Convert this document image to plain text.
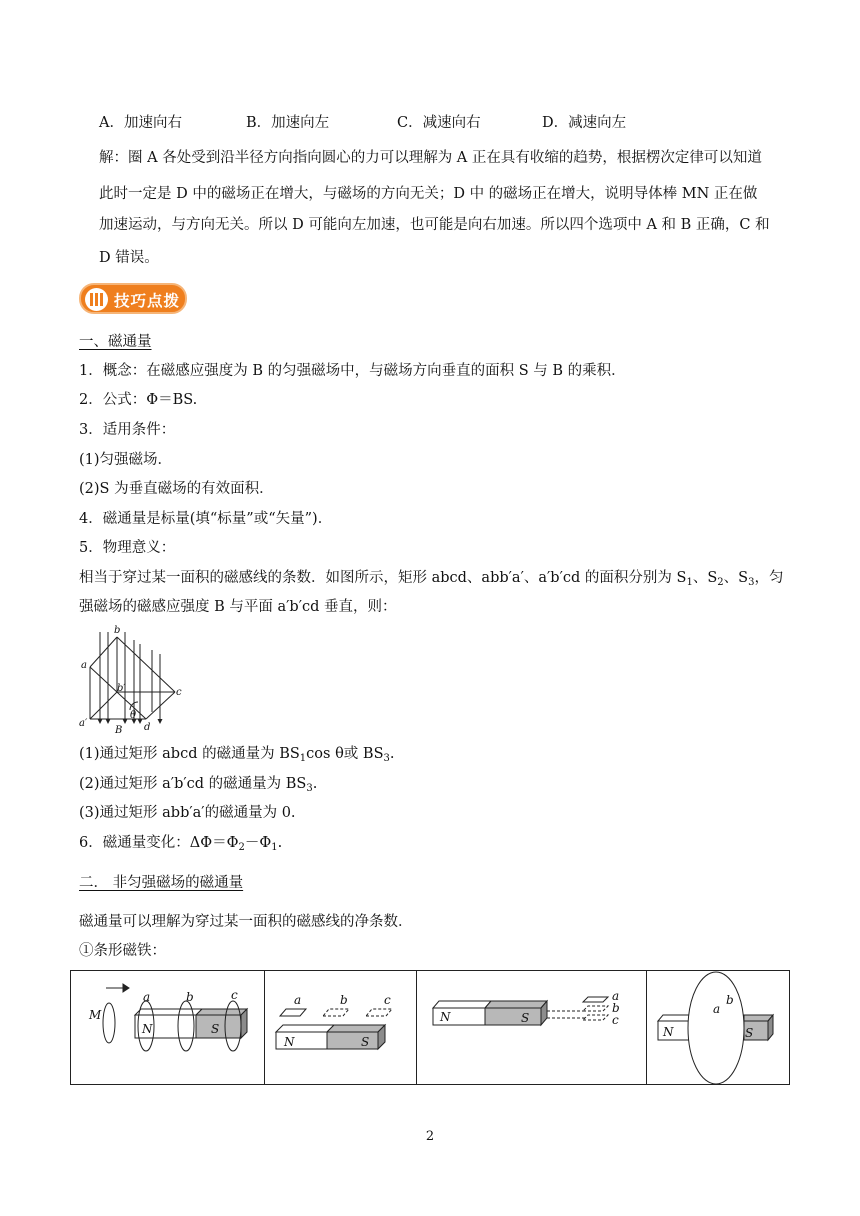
A．加速向右	B．加速向左	C．减速向右	D．减速向左
解：圈 A 各处受到沿半径方向指向圆心的力可以理解为 A 正在具有收缩的趋势，根据楞次定律可以知道
此时一定是 D 中的磁场正在增大，与磁场的方向无关；D 中 的磁场正在增大，说明导体棒 MN 正在做
加速运动，与方向无关。所以 D 可能向左加速，也可能是向右加速。所以四个选项中 A 和 B 正确，C 和
D 错误。
技巧点拨
一、磁通量
1．概念：在磁感应强度为 B 的匀强磁场中，与磁场方向垂直的面积 S 与 B 的乘积．
2．公式：Φ＝BS.
3．适用条件：
(1)匀强磁场．
(2)S 为垂直磁场的有效面积．
4．磁通量是标量(填“标量”或“矢量”)．
5．物理意义：
相当于穿过某一面积的磁感线的条数．如图所示，矩形 abcd、abb′a′、a′b′cd 的面积分别为 $S_1$、$S_2$、$S_3$，匀
强磁场的磁感应强度 B 与平面 a′b′cd 垂直，则：
b
a
b′	c
θ
a′
B d
(1)通过矩形 abcd 的磁通量为 $BS_1\cos$ θ或 $BS_3$.
(2)通过矩形 a′b′cd 的磁通量为 $BS_3$.
(3)通过矩形 abb′a′的磁通量为 0.
6．磁通量变化：$\Delta\Phi=\Phi_2-\Phi_1$.
二． 非匀强磁场的磁通量
磁通量可以理解为穿过某一面积的磁感线的净条数．
①条形磁铁：
M
a	b	c
N	S
a	b	c
N	S
a
b
c
N	S
a
b
N	S
2
